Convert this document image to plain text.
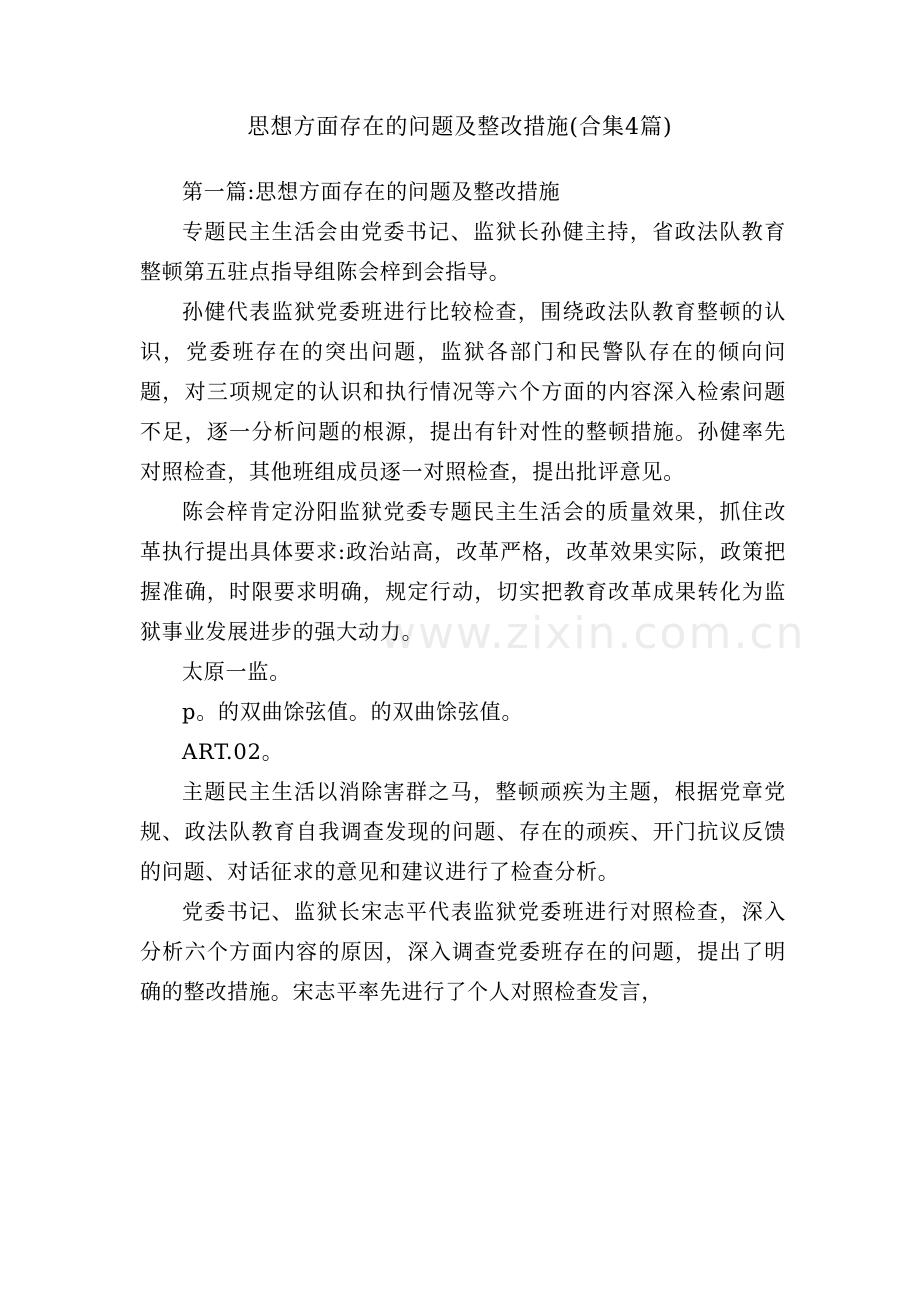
思想方面存在的问题及整改措施(合集4篇)

第一篇:思想方面存在的问题及整改措施

专题民主生活会由党委书记、监狱长孙健主持，省政法队教育整顿第五驻点指导组陈会梓到会指导。

孙健代表监狱党委班进行比较检查，围绕政法队教育整顿的认识，党委班存在的突出问题，监狱各部门和民警队存在的倾向问题，对三项规定的认识和执行情况等六个方面的内容深入检索问题不足，逐一分析问题的根源，提出有针对性的整顿措施。孙健率先对照检查，其他班组成员逐一对照检查，提出批评意见。

陈会梓肯定汾阳监狱党委专题民主生活会的质量效果，抓住改革执行提出具体要求:政治站高，改革严格，改革效果实际，政策把握准确，时限要求明确，规定行动，切实把教育改革成果转化为监狱事业发展进步的强大动力。

太原一监。

p。的双曲馀弦值。的双曲馀弦值。

ART.02。

主题民主生活以消除害群之马，整顿顽疾为主题，根据党章党规、政法队教育自我调查发现的问题、存在的顽疾、开门抗议反馈的问题、对话征求的意见和建议进行了检查分析。

党委书记、监狱长宋志平代表监狱党委班进行对照检查，深入分析六个方面内容的原因，深入调查党委班存在的问题，提出了明确的整改措施。宋志平率先进行了个人对照检查发言，

www.zixin.com.cn
